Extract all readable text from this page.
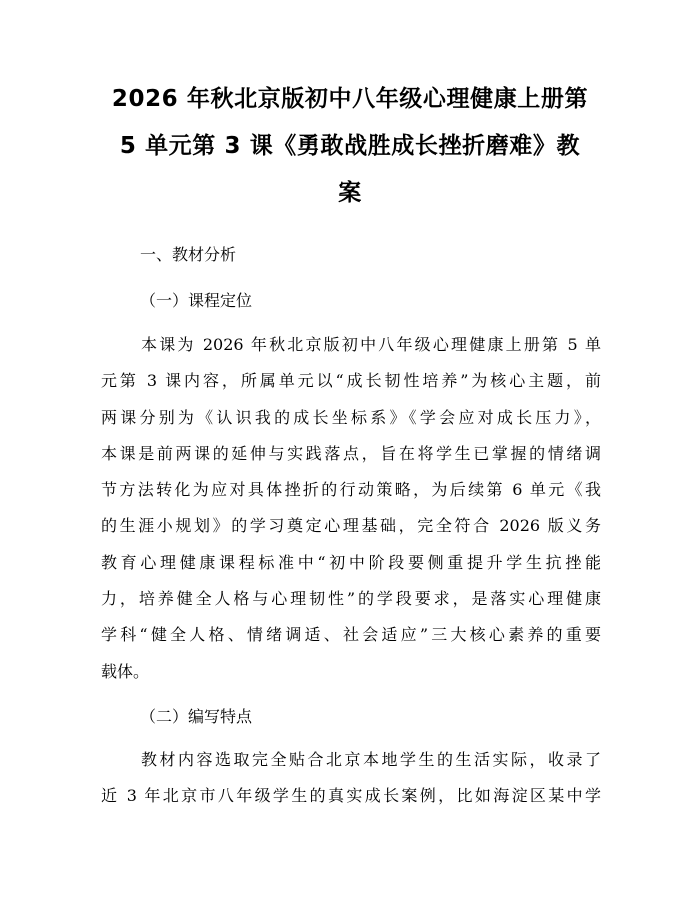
2026 年秋北京版初中八年级心理健康上册第
5 单元第 3 课《勇敢战胜成长挫折磨难》教
案
一、教材分析
（一）课程定位
本课为 2026 年秋北京版初中八年级心理健康上册第 5 单
元第 3 课内容，所属单元以“成长韧性培养”为核心主题，前
两课分别为《认识我的成长坐标系》《学会应对成长压力》，
本课是前两课的延伸与实践落点，旨在将学生已掌握的情绪调
节方法转化为应对具体挫折的行动策略，为后续第 6 单元《我
的生涯小规划》的学习奠定心理基础，完全符合 2026 版义务
教育心理健康课程标准中“初中阶段要侧重提升学生抗挫能
力，培养健全人格与心理韧性”的学段要求，是落实心理健康
学科“健全人格、情绪调适、社会适应”三大核心素养的重要
载体。
（二）编写特点
教材内容选取完全贴合北京本地学生的生活实际，收录了
近 3 年北京市八年级学生的真实成长案例，比如海淀区某中学
